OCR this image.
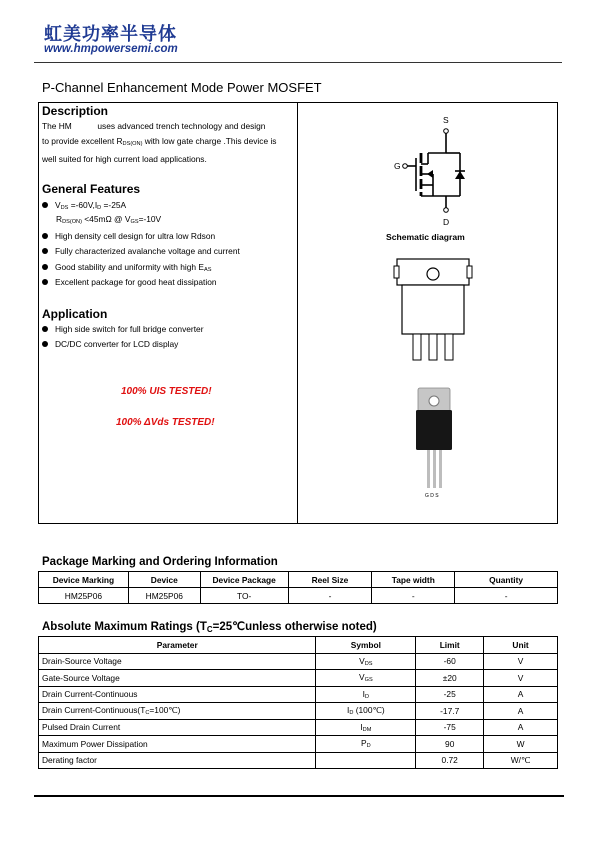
虹美功率半导体
www.hmpowersemi.com
P-Channel Enhancement Mode Power MOSFET
Description
The HM           uses advanced trench technology and design
to provide excellent RDS(ON) with low gate charge .This device is
well suited for high current load applications.
General Features
VDS =-60V,ID =-25A
RDS(ON) <45mΩ @ VGS=-10V
High density cell design for ultra low Rdson
Fully characterized avalanche voltage and current
Good stability and uniformity with high EAS
Excellent package for good heat dissipation
Application
High side switch for full bridge converter
DC/DC converter for LCD display
100% UIS TESTED!
100% ΔVds TESTED!
S
D
G
Schematic diagram
G D S
Package Marking and Ordering Information
Device Marking	Device	Device Package	Reel Size	Tape width	Quantity
HM25P06	HM25P06	TO-	-	-	-
Absolute Maximum Ratings (TC=25℃unless otherwise noted)
Parameter	Symbol	Limit	Unit
Drain-Source Voltage	VDS	-60	V
Gate-Source Voltage	VGS	±20	V
Drain Current-Continuous	ID	-25	A
Drain Current-Continuous(TC=100℃)	ID (100℃)	-17.7	A
Pulsed Drain Current	IDM	-75	A
Maximum Power Dissipation	PD	90	W
Derating factor		0.72	W/℃
